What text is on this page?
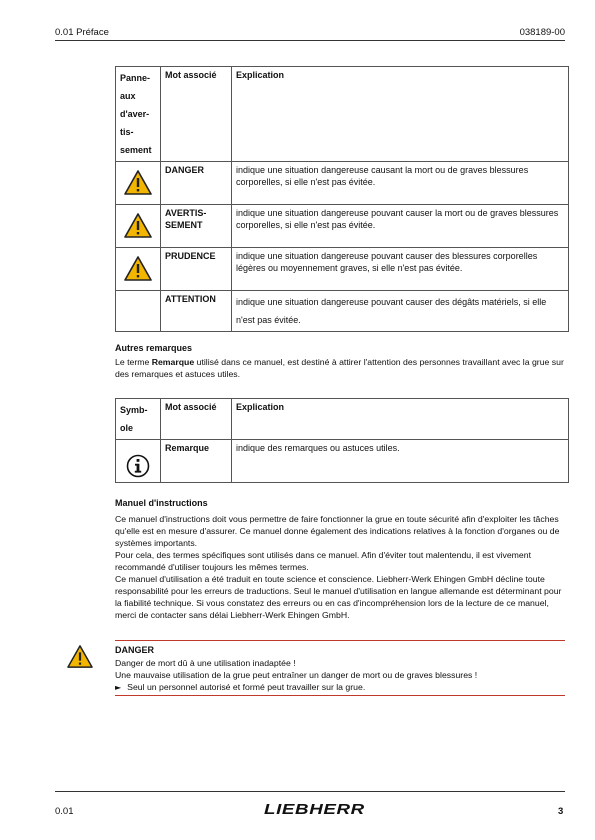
0.01 Préface	038189-00
Panne-
aux
d'aver-
tis-
sement	Mot associé	Explication
	DANGER	indique une situation dangereuse causant la mort ou de graves blessures corporelles, si elle n'est pas évitée.
	AVERTIS-
SEMENT	indique une situation dangereuse pouvant causer la mort ou de graves blessures corporelles, si elle n'est pas évitée.
	PRUDENCE	indique une situation dangereuse pouvant causer des blessures corporelles légères ou moyennement graves, si elle n'est pas évitée.
	ATTENTION	indique une situation dangereuse pouvant causer des dégâts matériels, si elle n'est pas évitée.
Autres remarques
Le terme Remarque utilisé dans ce manuel, est destiné à attirer l'attention des personnes travaillant avec la grue sur des remarques et astuces utiles.
Symb-
ole	Mot associé	Explication
	Remarque	indique des remarques ou astuces utiles.
Manuel d'instructions
Ce manuel d'instructions doit vous permettre de faire fonctionner la grue en toute sécurité afin d'exploiter les tâches qu'elle est en mesure d'assurer. Ce manuel donne également des indications relatives à la fonction d'organes ou de systèmes importants.
Pour cela, des termes spécifiques sont utilisés dans ce manuel. Afin d'éviter tout malentendu, il est vivement recommandé d'utiliser toujours les mêmes termes.
Ce manuel d'utilisation a été traduit en toute science et conscience. Liebherr-Werk Ehingen GmbH décline toute responsabilité pour les erreurs de traductions. Seul le manuel d'utilisation en langue allemande est déterminant pour la fiabilité technique. Si vous constatez des erreurs ou en cas d'incompréhension lors de la lecture de ce manuel, merci de contacter sans délai Liebherr-Werk Ehingen GmbH.
DANGER
Danger de mort dû à une utilisation inadaptée !
Une mauvaise utilisation de la grue peut entraîner un danger de mort ou de graves blessures !
► Seul un personnel autorisé et formé peut travailler sur la grue.
0.01	LIEBHERR	3
